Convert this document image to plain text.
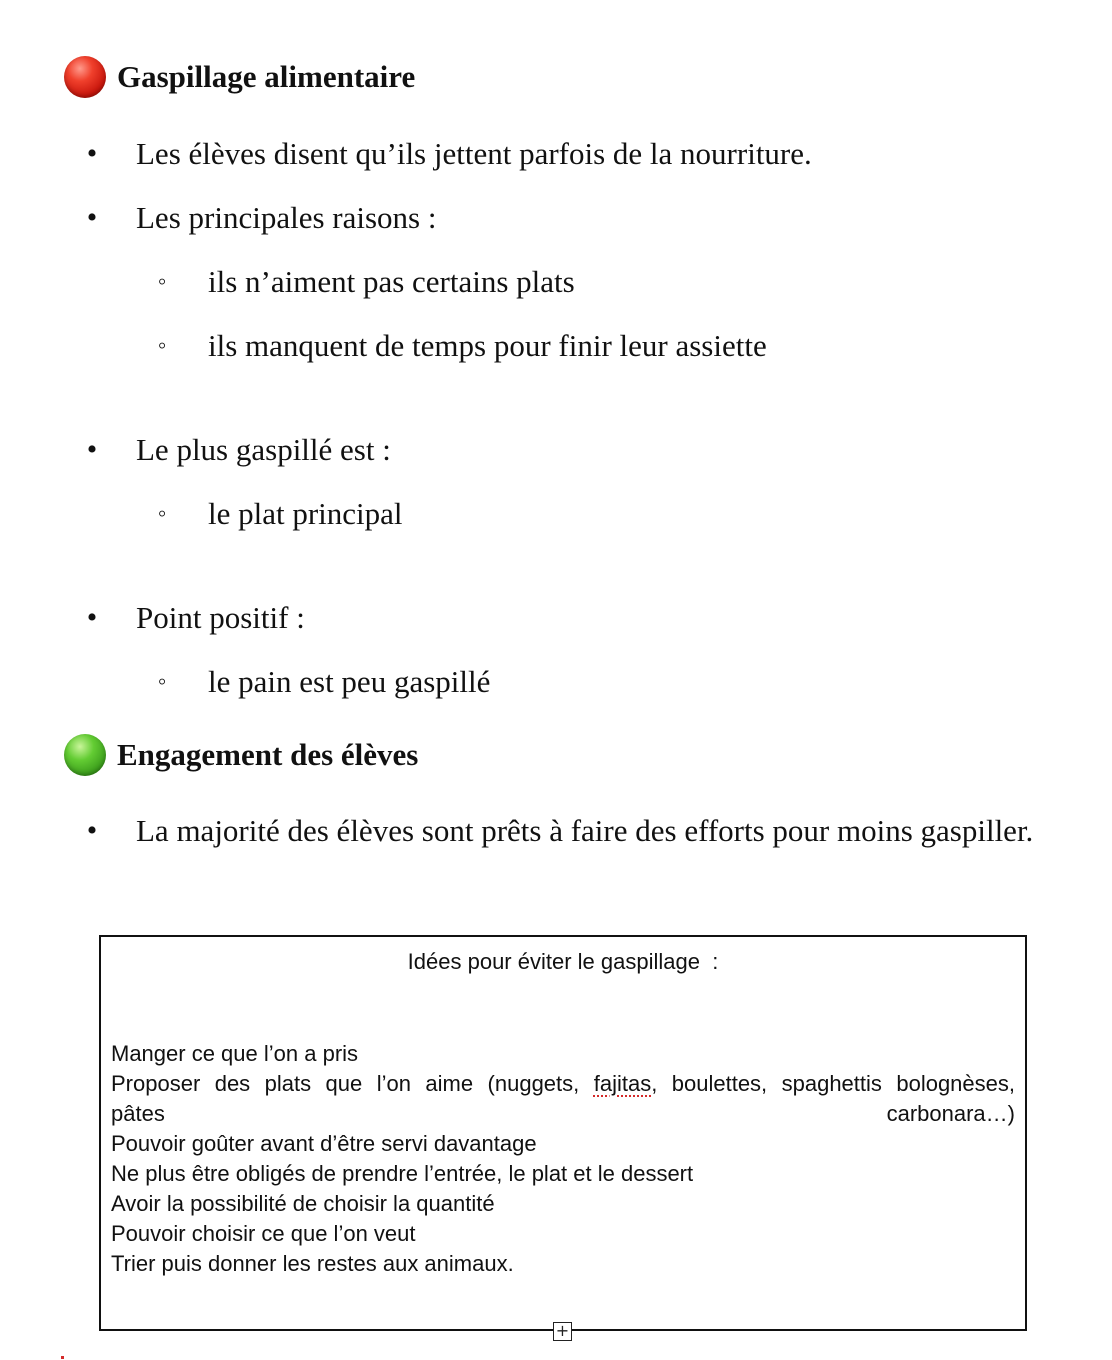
Gaspillage alimentaire
• Les élèves disent qu’ils jettent parfois de la nourriture.
• Les principales raisons :
◦ ils n’aiment pas certains plats
◦ ils manquent de temps pour finir leur assiette
• Le plus gaspillé est :
◦ le plat principal
• Point positif :
◦ le pain est peu gaspillé
Engagement des élèves
• La majorité des élèves sont prêts à faire des efforts pour moins gaspiller.
Idées pour éviter le gaspillage  :
Manger ce que l’on a pris
Proposer des plats que l’on aime (nuggets, fajitas, boulettes, spaghettis bolognèses, pâtes carbonara…)
Pouvoir goûter avant d’être servi davantage
Ne plus être obligés de prendre l’entrée, le plat et le dessert
Avoir la possibilité de choisir la quantité
Pouvoir choisir ce que l’on veut
Trier puis donner les restes aux animaux.
+
